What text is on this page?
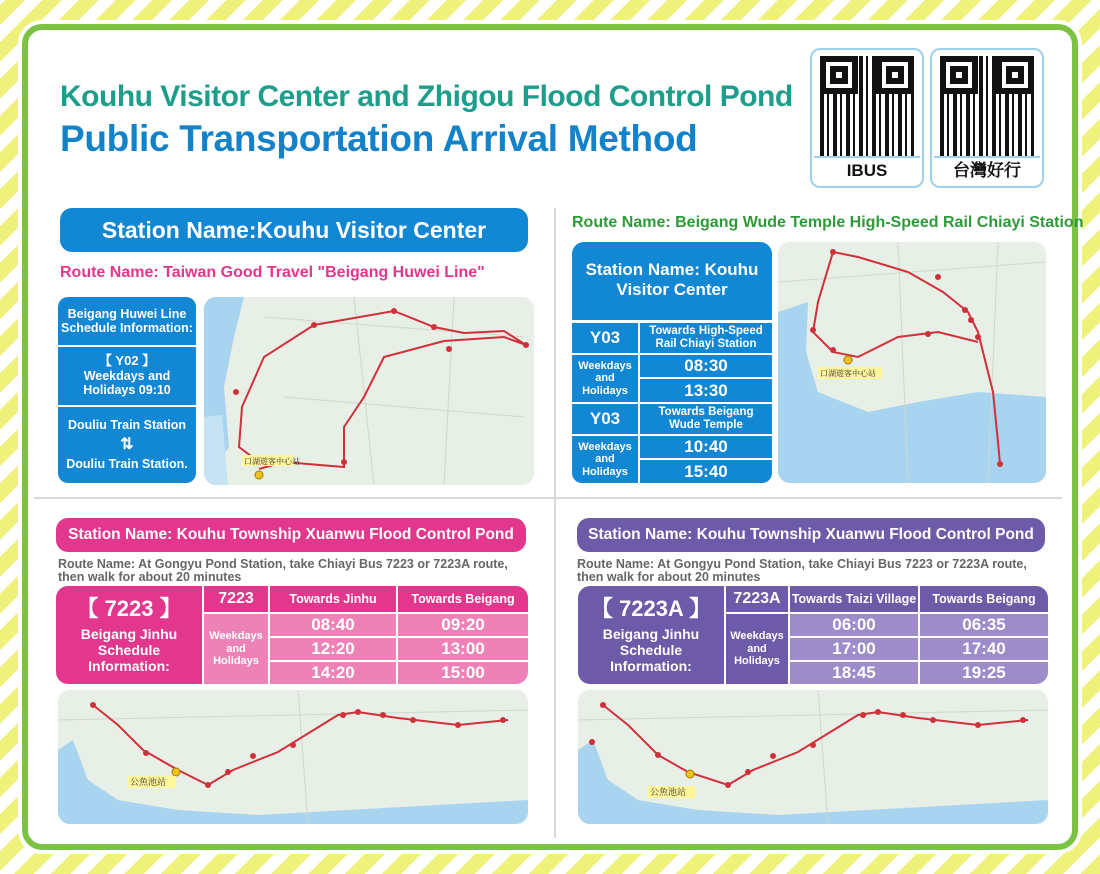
Kouhu Visitor Center and Zhigou Flood Control Pond
Public Transportation Arrival Method
IBUS	台灣好行
Station Name:Kouhu Visitor Center
Route Name: Taiwan Good Travel "Beigang Huwei Line"
Beigang Huwei Line Schedule Information:
【 Y02 】
Weekdays and Holidays 09:10
Douliu Train Station
⇅
Douliu Train Station.	口湖遊客中心站
Route Name: Beigang Wude Temple High-Speed Rail Chiayi Station
Station Name: Kouhu Visitor Center
Y03	Towards High-Speed Rail Chiayi Station
Weekdays and Holidays
08:30
13:30
Y03	Towards Beigang Wude Temple
Weekdays and Holidays
10:40
15:40
口湖遊客中心站
Station Name: Kouhu Township Xuanwu Flood Control Pond
Route Name: At Gongyu Pond Station, take Chiayi Bus 7223 or 7223A route, then walk for about 20 minutes
【 7223 】
Beigang Jinhu Schedule Information:
7223	Towards Jinhu	Towards Beigang
Weekdays and Holidays
08:40	09:20
12:20	13:00
14:20	15:00
公魚池站
Station Name: Kouhu Township Xuanwu Flood Control Pond
Route Name: At Gongyu Pond Station, take Chiayi Bus 7223 or 7223A route, then walk for about 20 minutes
【 7223A 】
Beigang Jinhu Schedule Information:
7223A Towards Taizi Village	Towards Beigang
Weekdays and Holidays
06:00	06:35
17:00	17:40
18:45	19:25
公魚池站
